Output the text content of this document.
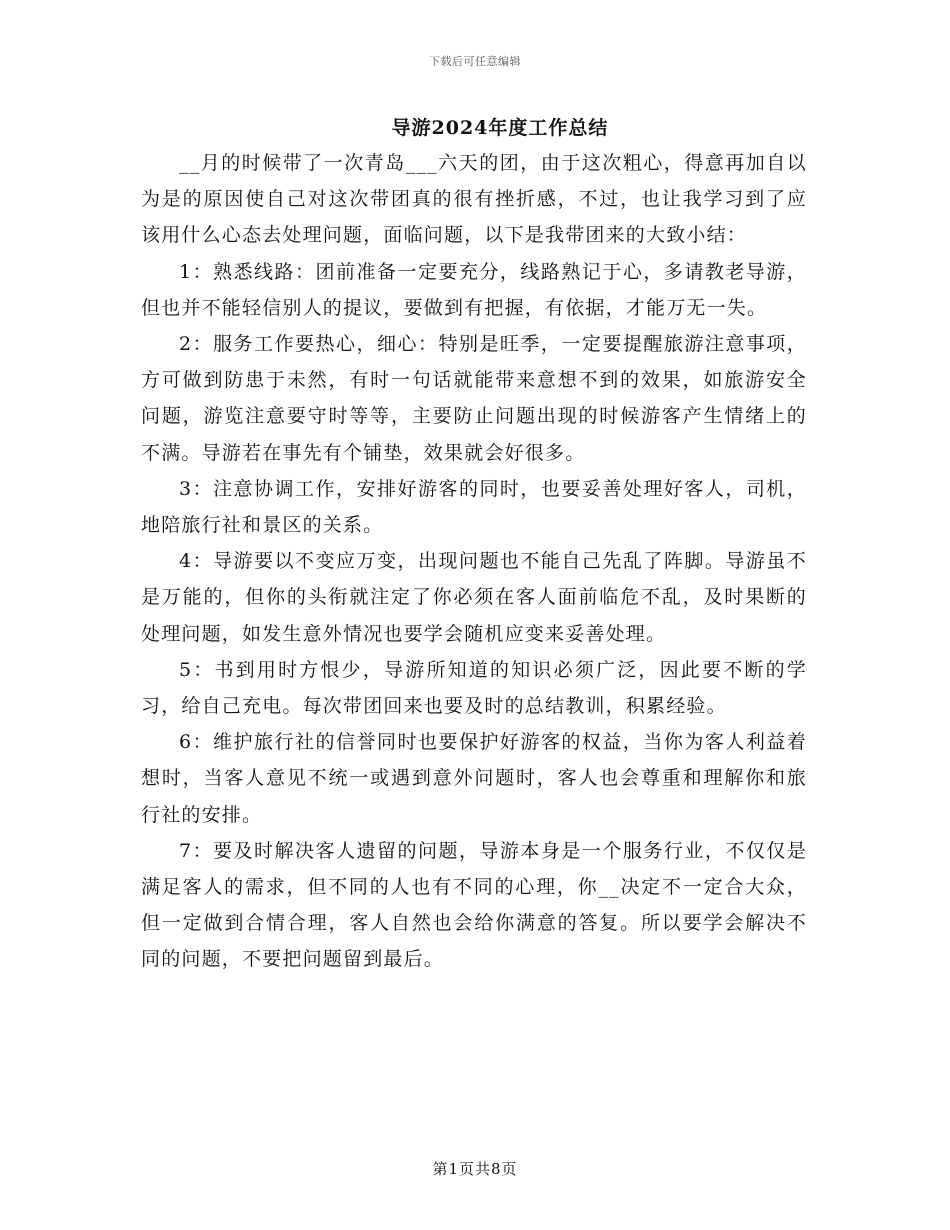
下载后可任意编辑
导游2024年度工作总结

__月的时候带了一次青岛___六天的团，由于这次粗心，得意再加自以为是的原因使自己对这次带团真的很有挫折感，不过，也让我学习到了应该用什么心态去处理问题，面临问题，以下是我带团来的大致小结：

1：熟悉线路：团前准备一定要充分，线路熟记于心，多请教老导游，但也并不能轻信别人的提议，要做到有把握，有依据，才能万无一失。

2：服务工作要热心，细心：特别是旺季，一定要提醒旅游注意事项，方可做到防患于未然，有时一句话就能带来意想不到的效果，如旅游安全问题，游览注意要守时等等，主要防止问题出现的时候游客产生情绪上的不满。导游若在事先有个铺垫，效果就会好很多。

3：注意协调工作，安排好游客的同时，也要妥善处理好客人，司机，地陪旅行社和景区的关系。

4：导游要以不变应万变，出现问题也不能自己先乱了阵脚。导游虽不是万能的，但你的头衔就注定了你必须在客人面前临危不乱，及时果断的处理问题，如发生意外情况也要学会随机应变来妥善处理。

5：书到用时方恨少，导游所知道的知识必须广泛，因此要不断的学习，给自己充电。每次带团回来也要及时的总结教训，积累经验。

6：维护旅行社的信誉同时也要保护好游客的权益，当你为客人利益着想时，当客人意见不统一或遇到意外问题时，客人也会尊重和理解你和旅行社的安排。

7：要及时解决客人遗留的问题，导游本身是一个服务行业，不仅仅是满足客人的需求，但不同的人也有不同的心理，你__决定不一定合大众，但一定做到合情合理，客人自然也会给你满意的答复。所以要学会解决不同的问题，不要把问题留到最后。

第1页共8页
